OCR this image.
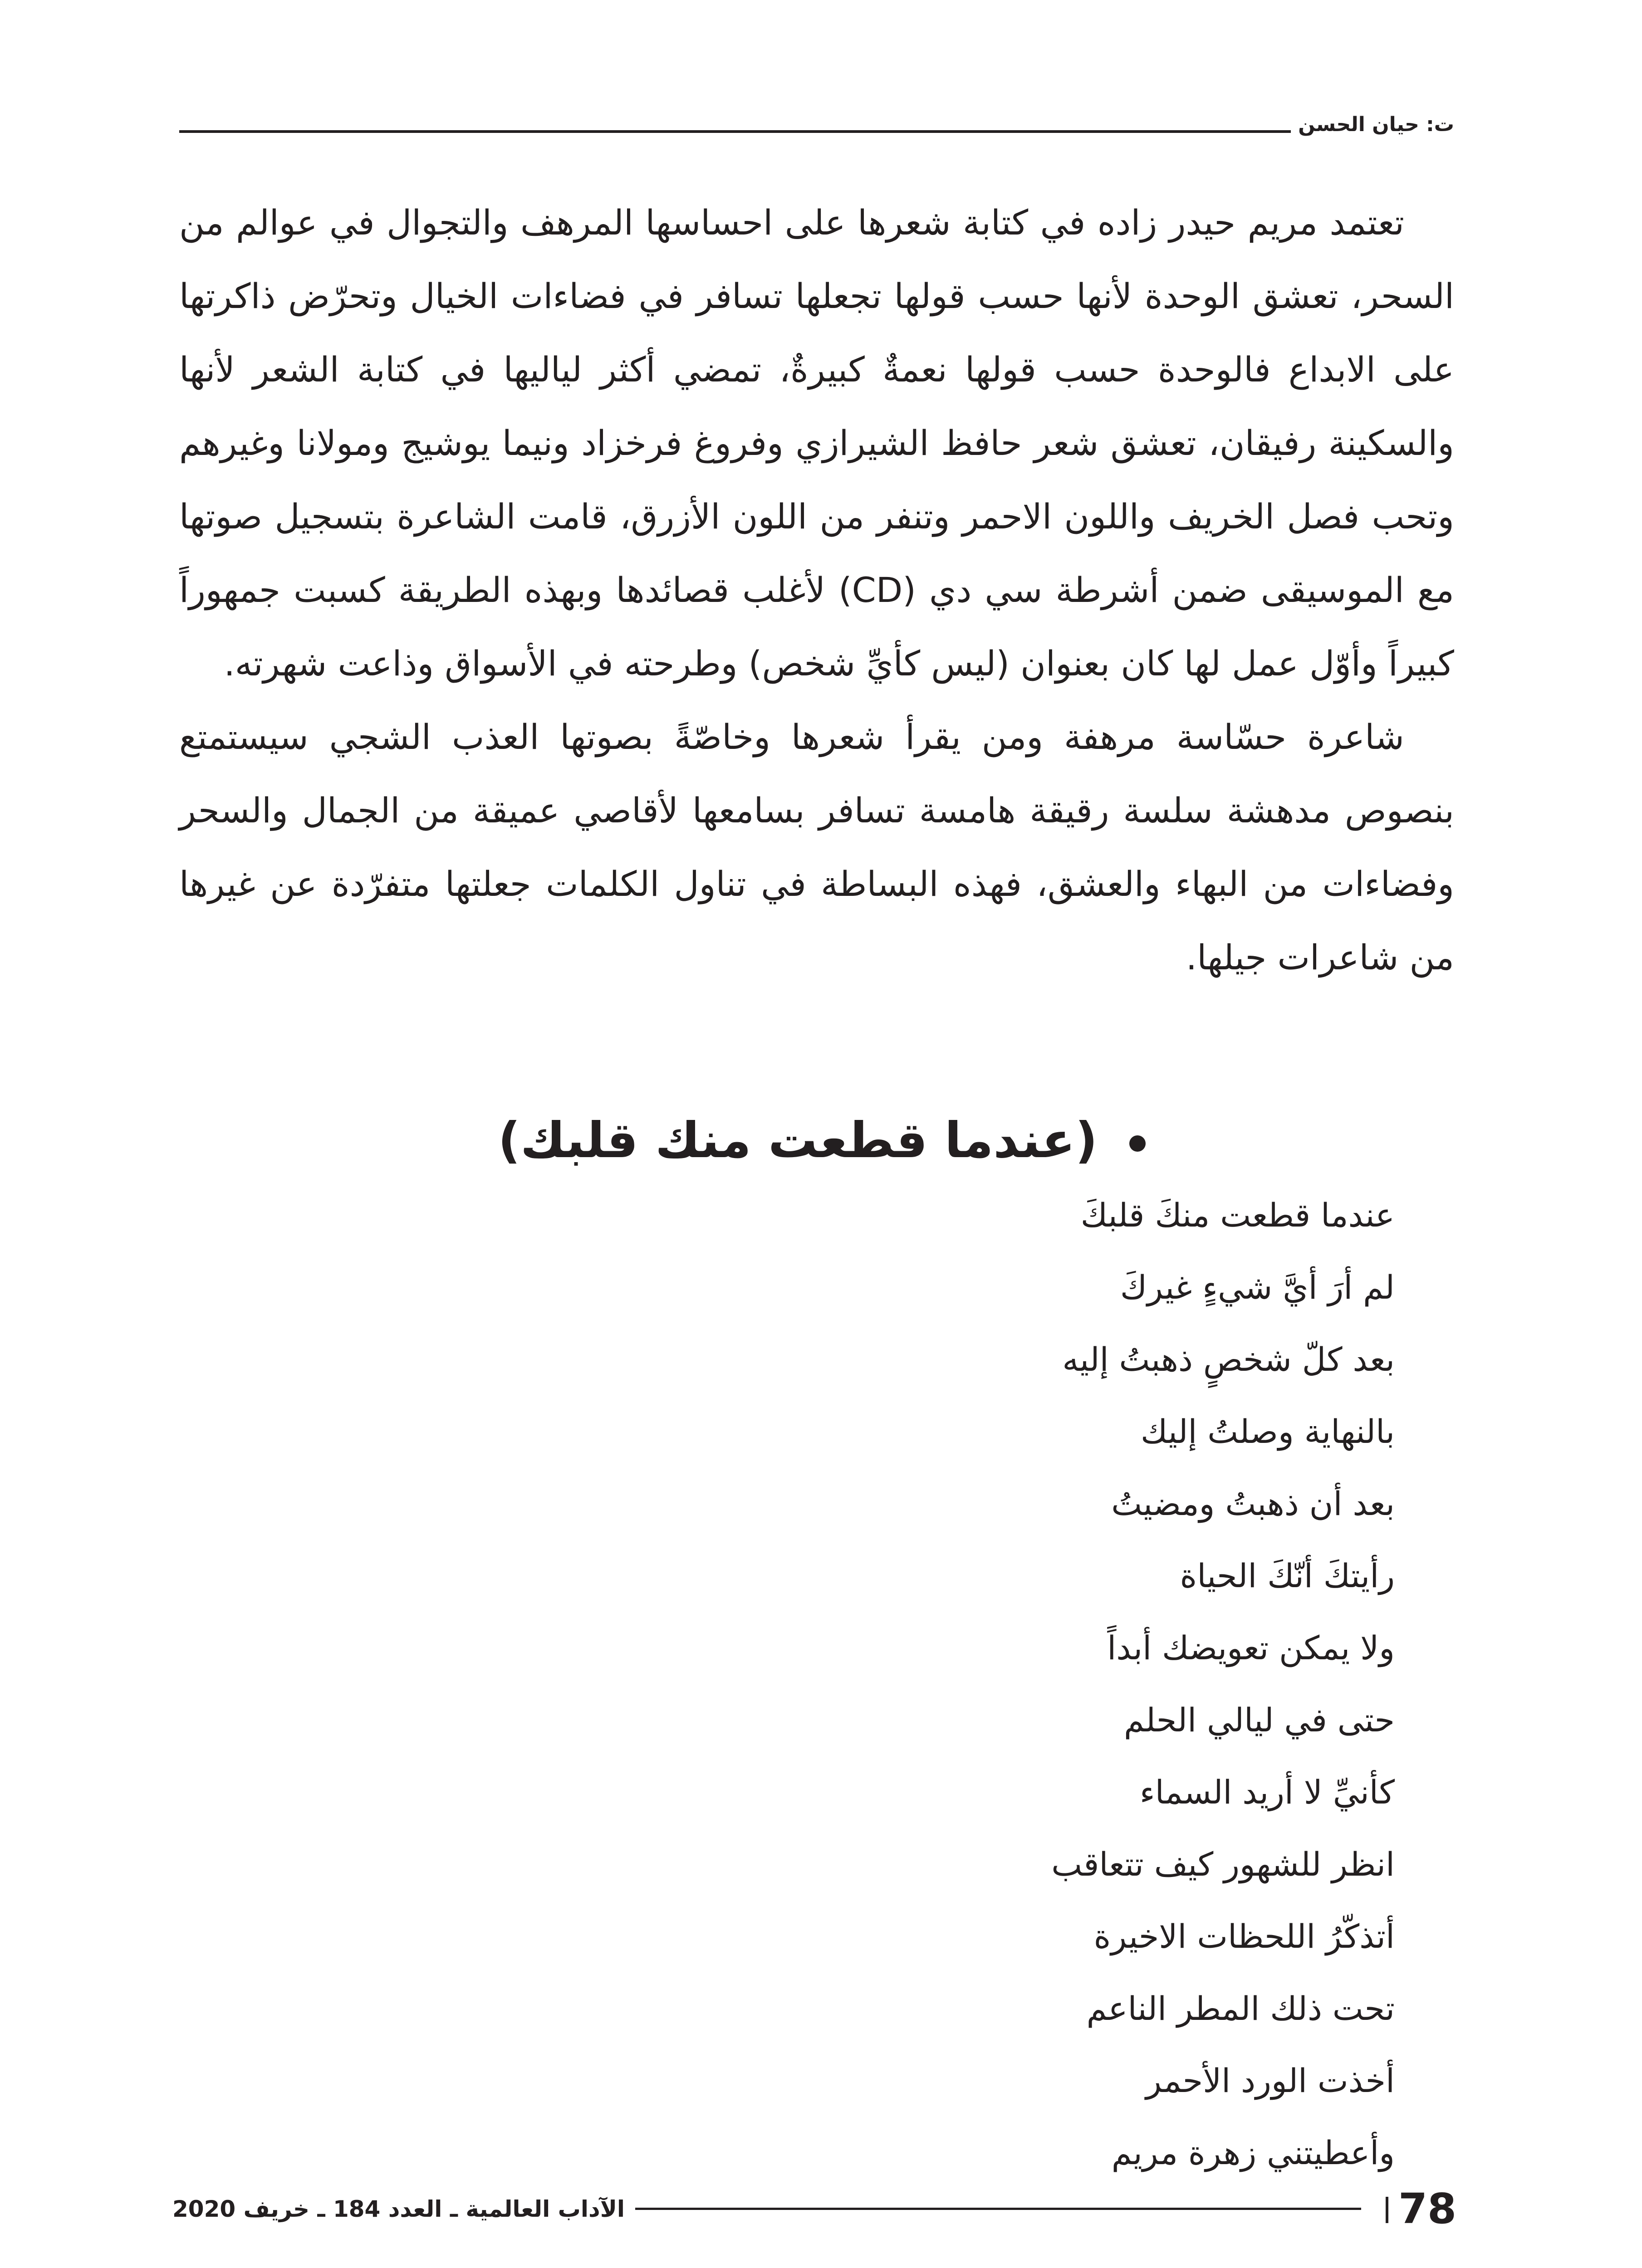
ت: حيان الحسن

تعتمد مريم حيدر زاده في كتابة شعرها على احساسها المرهف والتجوال في عوالم من السحر، تعشق الوحدة لأنها حسب قولها تجعلها تسافر في فضاءات الخيال وتحرّض ذاكرتها على الابداع فالوحدة حسب قولها نعمةٌ كبيرةٌ، تمضي أكثر لياليها في كتابة الشعر لأنها والسكينة رفيقان، تعشق شعر حافظ الشيرازي وفروغ فرخزاد ونيما يوشيج ومولانا وغيرهم وتحب فصل الخريف واللون الاحمر وتنفر من اللون الأزرق، قامت الشاعرة بتسجيل صوتها مع الموسيقى ضمن أشرطة سي دي (CD) لأغلب قصائدها وبهذه الطريقة كسبت جمهوراً كبيراً وأوّل عمل لها كان بعنوان (ليس كأيِّ شخص) وطرحته في الأسواق وذاعت شهرته.

شاعرة حسّاسة مرهفة ومن يقرأ شعرها وخاصّةً بصوتها العذب الشجي سيستمتع بنصوص مدهشة سلسة رقيقة هامسة تسافر بسامعها لأقاصي عميقة من الجمال والسحر وفضاءات من البهاء والعشق، فهذه البساطة في تناول الكلمات جعلتها متفرّدة عن غيرها من شاعرات جيلها.

(عندما قطعت منك قلبك)
عندما قطعت منكَ قلبكَ
لم أرَ أيَّ شيءٍ غيركَ
بعد كلّ شخصٍ ذهبتُ إليه
بالنهاية وصلتُ إليك
بعد أن ذهبتُ ومضيتُ
رأيتكَ أنّكَ الحياة
ولا يمكن تعويضك أبداً
حتى في ليالي الحلم
كأنيِّ لا أريد السماء
انظر للشهور كيف تتعاقب
أتذكّرُ اللحظات الاخيرة
تحت ذلك المطر الناعم
أخذت الورد الأحمر
وأعطيتني زهرة مريم
78
الآداب العالمية ـ العدد 184 ـ خريف 2020
